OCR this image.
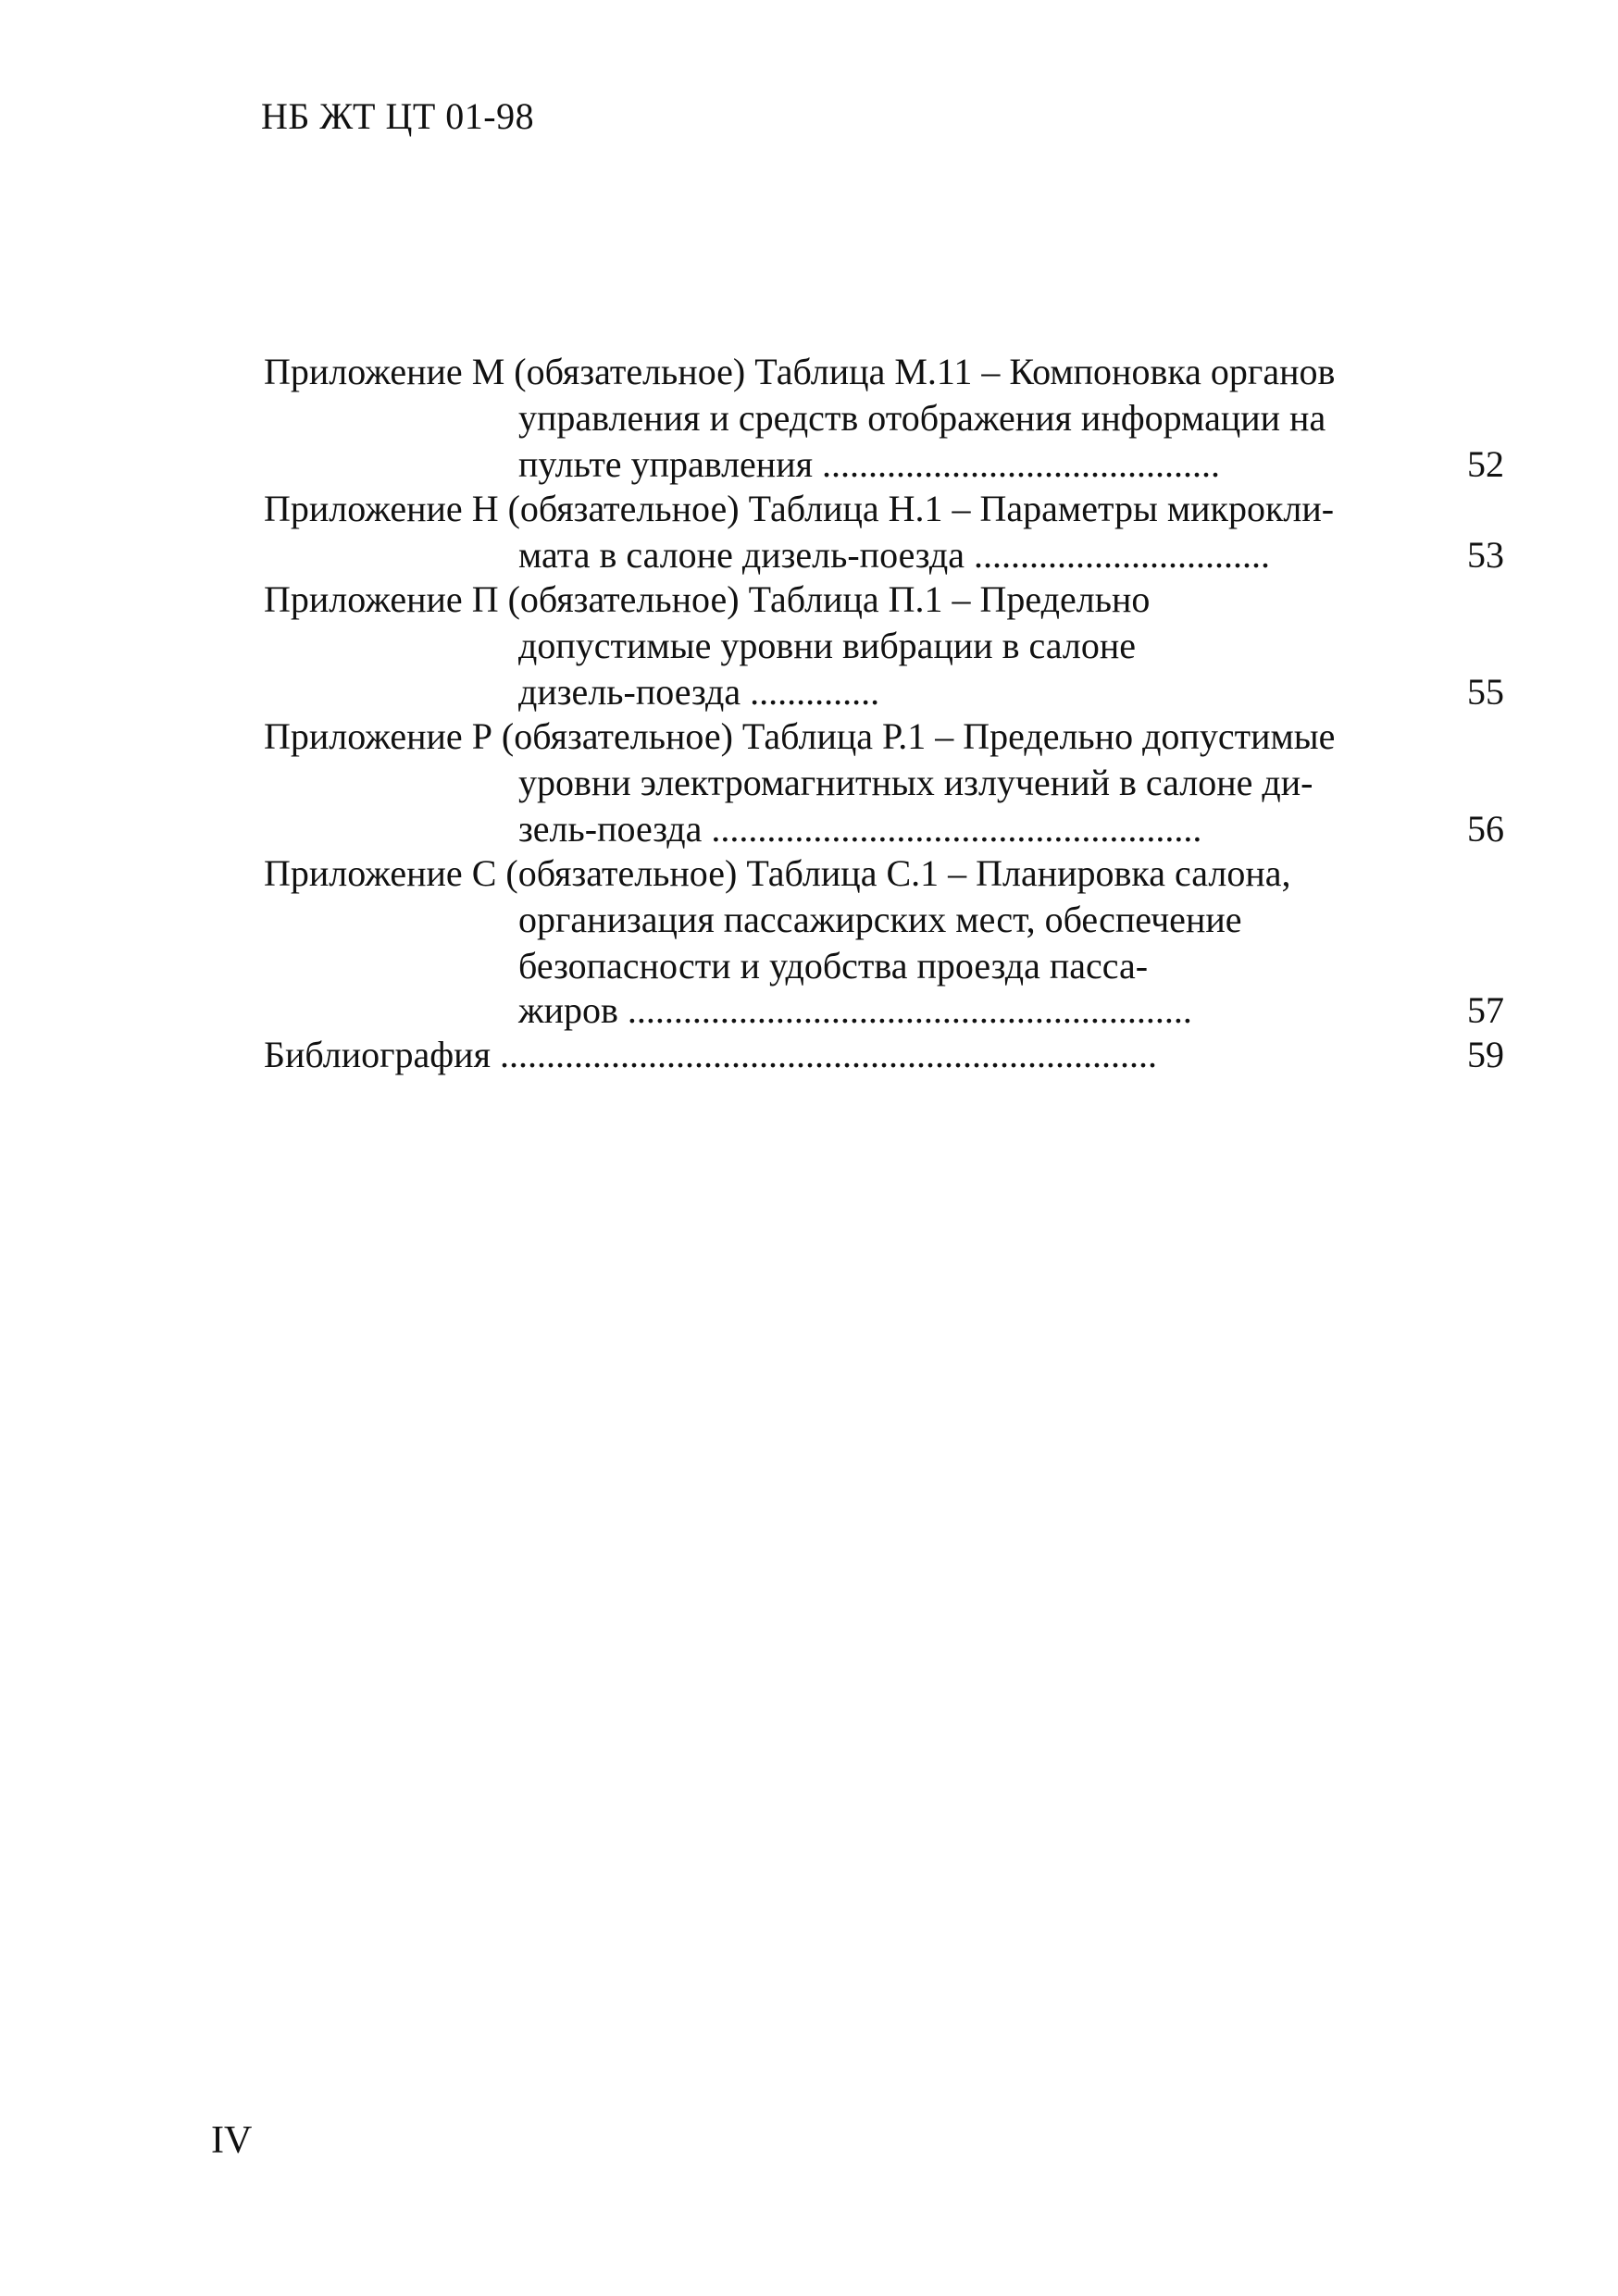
НБ ЖТ ЦТ 01-98
Приложение М (обязательное) Таблица М.11 – Компоновка органов
управления и средств отображения информации на
пульте управления ...........................................	52
Приложение Н (обязательное) Таблица Н.1 – Параметры микрокли-
мата в салоне дизель-поезда ................................	53
Приложение П (обязательное) Таблица П.1 – Предельно
допустимые уровни вибрации в салоне
дизель-поезда ..............	55
Приложение Р (обязательное) Таблица Р.1 – Предельно допустимые
уровни электромагнитных излучений в салоне ди-
зель-поезда .....................................................	56
Приложение С (обязательное) Таблица С.1 – Планировка салона,
организация пассажирских мест, обеспечение
безопасности и удобства проезда пасса-
жиров .............................................................	57
Библиография .......................................................................	59
IV
